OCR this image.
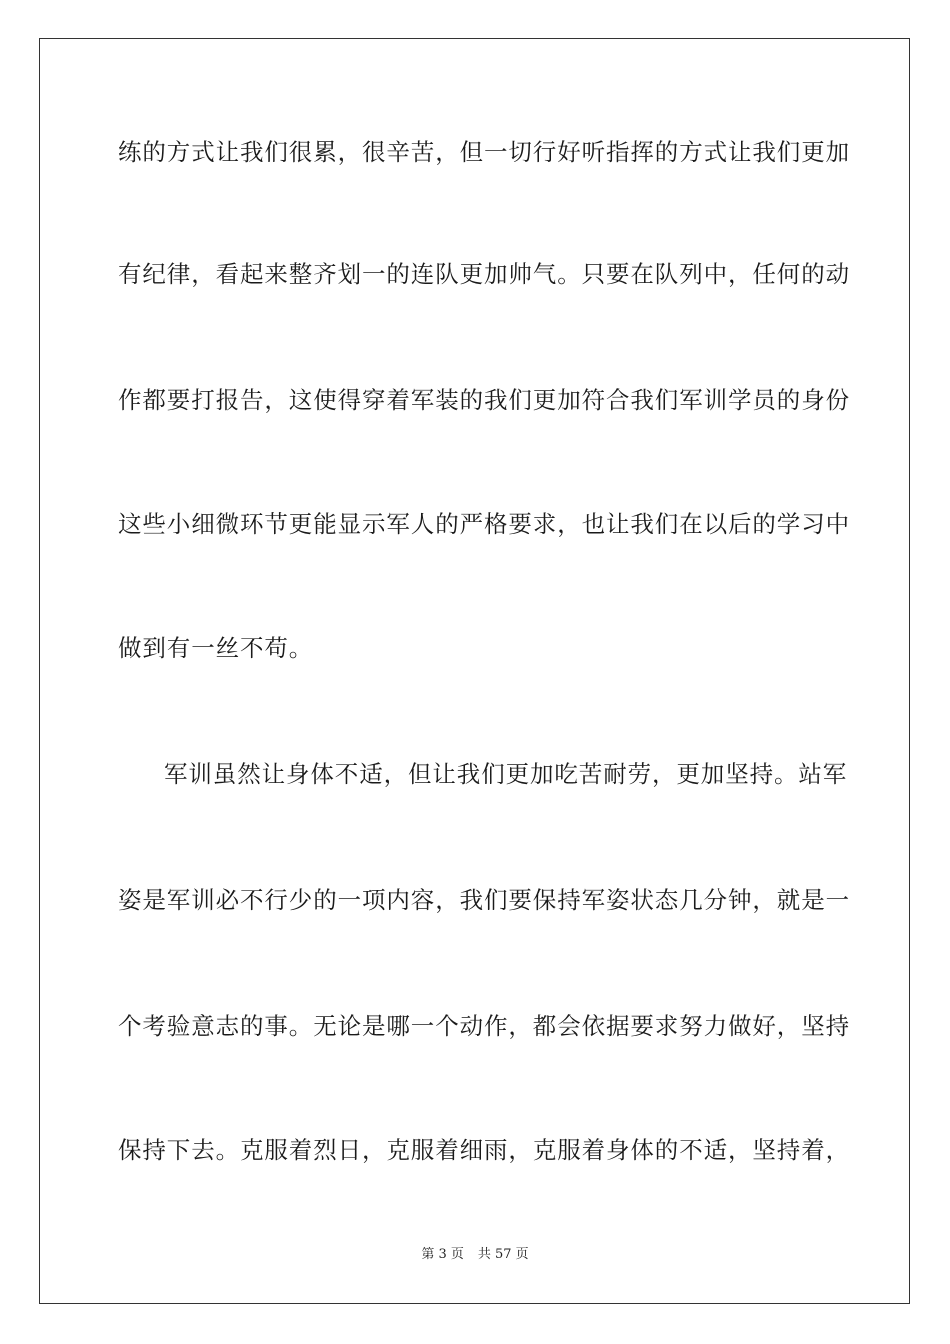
练的方式让我们很累，很辛苦，但一切行好听指挥的方式让我们更加
有纪律，看起来整齐划一的连队更加帅气。只要在队列中，任何的动
作都要打报告，这使得穿着军装的我们更加符合我们军训学员的身份
这些小细微环节更能显示军人的严格要求，也让我们在以后的学习中
做到有一丝不苟。
军训虽然让身体不适，但让我们更加吃苦耐劳，更加坚持。站军
姿是军训必不行少的一项内容，我们要保持军姿状态几分钟，就是一
个考验意志的事。无论是哪一个动作，都会依据要求努力做好，坚持
保持下去。克服着烈日，克服着细雨，克服着身体的不适，坚持着，
第 3 页 共 57 页
